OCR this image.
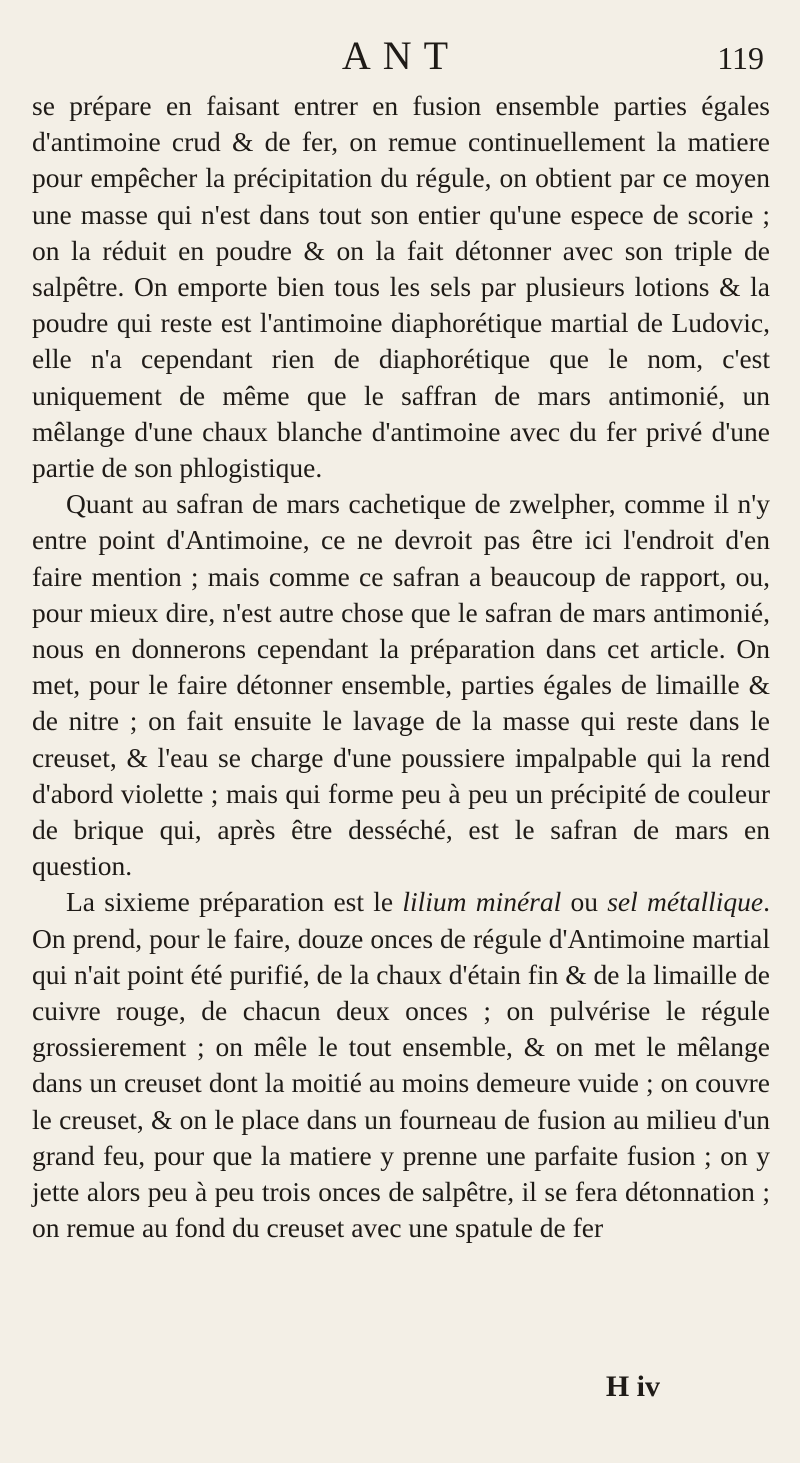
ANT	119

se prépare en faisant entrer en fusion ensemble parties égales d'antimoine crud & de fer, on remue continuellement la matiere pour empêcher la précipitation du régule, on obtient par ce moyen une masse qui n'est dans tout son entier qu'une espece de scorie ; on la réduit en poudre & on la fait détonner avec son triple de salpêtre. On emporte bien tous les sels par plusieurs lotions & la poudre qui reste est l'antimoine diaphorétique martial de Ludovic, elle n'a cependant rien de diaphorétique que le nom, c'est uniquement de même que le saffran de mars antimonié, un mêlange d'une chaux blanche d'antimoine avec du fer privé d'une partie de son phlogistique.

Quant au safran de mars cachetique de zwelpher, comme il n'y entre point d'Antimoine, ce ne devroit pas être ici l'endroit d'en faire mention ; mais comme ce safran a beaucoup de rapport, ou, pour mieux dire, n'est autre chose que le safran de mars antimonié, nous en donnerons cependant la préparation dans cet article. On met, pour le faire détonner ensemble, parties égales de limaille & de nitre ; on fait ensuite le lavage de la masse qui reste dans le creuset, & l'eau se charge d'une poussiere impalpable qui la rend d'abord violette ; mais qui forme peu à peu un précipité de couleur de brique qui, après être desséché, est le safran de mars en question.

La sixieme préparation est le lilium minéral ou sel métallique. On prend, pour le faire, douze onces de régule d'Antimoine martial qui n'ait point été purifié, de la chaux d'étain fin & de la limaille de cuivre rouge, de chacun deux onces ; on pulvérise le régule grossierement ; on mêle le tout ensemble, & on met le mêlange dans un creuset dont la moitié au moins demeure vuide ; on couvre le creuset, & on le place dans un fourneau de fusion au milieu d'un grand feu, pour que la matiere y prenne une parfaite fusion ; on y jette alors peu à peu trois onces de salpêtre, il se fera détonnation ; on remue au fond du creuset avec une spatule de fer

H iv
